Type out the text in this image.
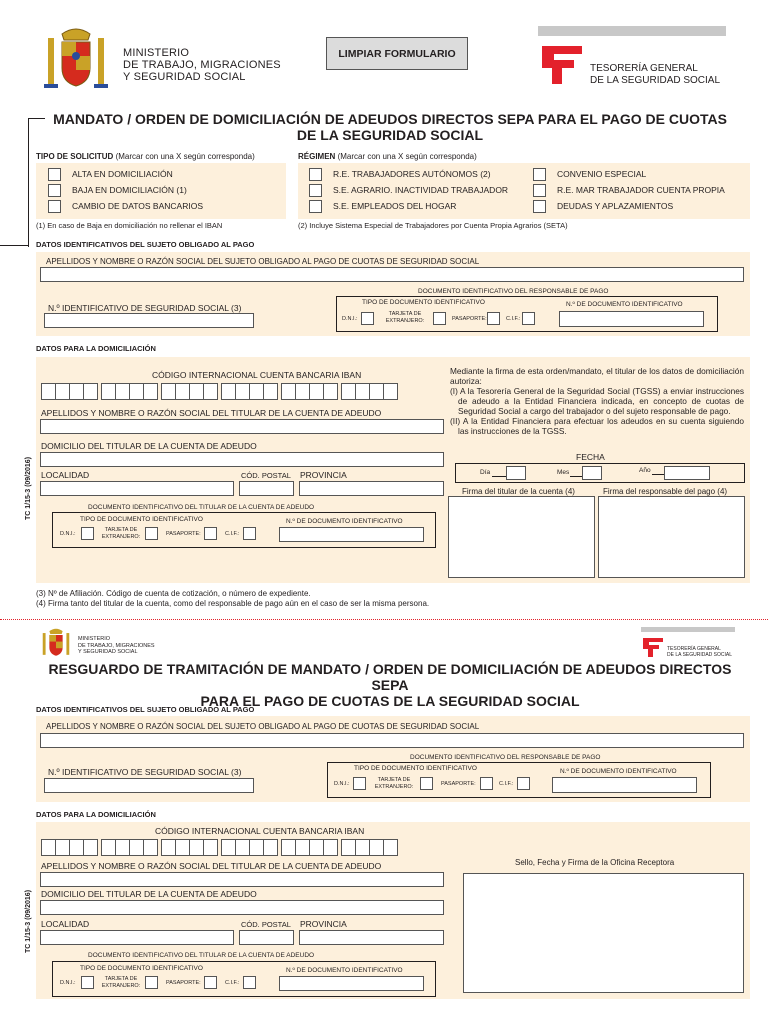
MINISTERIO
DE TRABAJO, MIGRACIONES
Y SEGURIDAD SOCIAL
LIMPIAR FORMULARIO
TESORERÍA GENERAL
DE LA SEGURIDAD SOCIAL
MANDATO / ORDEN DE DOMICILIACIÓN DE ADEUDOS DIRECTOS SEPA PARA EL PAGO DE CUOTAS
DE LA SEGURIDAD SOCIAL
TIPO DE SOLICITUD (Marcar con una X según corresponda)	RÉGIMEN (Marcar con una X según corresponda)
ALTA EN DOMICILIACIÓN
BAJA EN DOMICILIACIÓN (1)
CAMBIO DE DATOS BANCARIOS
R.E. TRABAJADORES AUTÓNOMOS (2)
S.E. AGRARIO. INACTIVIDAD TRABAJADOR
S.E. EMPLEADOS DEL HOGAR
CONVENIO ESPECIAL
R.E. MAR TRABAJADOR CUENTA PROPIA
DEUDAS Y APLAZAMIENTOS
(1) En caso de Baja en domiciliación no rellenar el IBAN	(2) Incluye Sistema Especial de Trabajadores por Cuenta Propia Agrarios (SETA)
DATOS IDENTIFICATIVOS DEL SUJETO OBLIGADO AL PAGO
APELLIDOS Y NOMBRE O RAZÓN SOCIAL DEL SUJETO OBLIGADO AL PAGO DE CUOTAS DE SEGURIDAD SOCIAL
DOCUMENTO IDENTIFICATIVO DEL RESPONSABLE DE PAGO
N.º IDENTIFICATIVO DE SEGURIDAD SOCIAL (3)
TIPO DE DOCUMENTO IDENTIFICATIVO	N.º DE DOCUMENTO IDENTIFICATIVO
D.N.I.:
TARJETA DE EXTRANJERO:	PASAPORTE:	C.I.F.:
DATOS PARA LA DOMICILIACIÓN
TC 1/15-3 (09/2016)
CÓDIGO INTERNACIONAL CUENTA BANCARIA IBAN
APELLIDOS Y NOMBRE O RAZÓN SOCIAL DEL TITULAR DE LA CUENTA DE ADEUDO
DOMICILIO DEL TITULAR DE LA CUENTA DE ADEUDO
LOCALIDAD	CÓD. POSTAL PROVINCIA
DOCUMENTO IDENTIFICATIVO DEL TITULAR DE LA CUENTA DE ADEUDO
TIPO DE DOCUMENTO IDENTIFICATIVO	N.º DE DOCUMENTO IDENTIFICATIVO
D.N.I.:
TARJETA DE EXTRANJERO:	PASAPORTE:	C.I.F.:
Mediante la firma de esta orden/mandato, el titular de los datos de domiciliación autoriza:
(I) A la Tesorería General de la Seguridad Social (TGSS) a enviar instrucciones de adeudo a la Entidad Financiera indicada, en concepto de cuotas de Seguridad Social a cargo del trabajador o del sujeto responsable de pago.
(II) A la Entidad Financiera para efectuar los adeudos en su cuenta siguiendo las instrucciones de la TGSS.
FECHA
Día	Mes	Año
Firma del titular de la cuenta (4)	Firma del responsable del pago (4)
(3) Nº de Afiliación. Código de cuenta de cotización, o número de expediente.
(4) Firma tanto del titular de la cuenta, como del responsable de pago aún en el caso de ser la misma persona.
MINISTERIO
DE TRABAJO, MIGRACIONES
Y SEGURIDAD SOCIAL	TESORERÍA GENERAL
DE LA SEGURIDAD SOCIAL
RESGUARDO DE TRAMITACIÓN DE MANDATO / ORDEN DE DOMICILIACIÓN DE ADEUDOS DIRECTOS SEPA
PARA EL PAGO DE CUOTAS DE LA SEGURIDAD SOCIAL
DATOS IDENTIFICATIVOS DEL SUJETO OBLIGADO AL PAGO
APELLIDOS Y NOMBRE O RAZÓN SOCIAL DEL SUJETO OBLIGADO AL PAGO DE CUOTAS DE SEGURIDAD SOCIAL
DOCUMENTO IDENTIFICATIVO DEL RESPONSABLE DE PAGO
N.º IDENTIFICATIVO DE SEGURIDAD SOCIAL (3)	TIPO DE DOCUMENTO IDENTIFICATIVO	N.º DE DOCUMENTO IDENTIFICATIVO
D.N.I.:
TARJETA DE EXTRANJERO:	PASAPORTE:	C.I.F.:
DATOS PARA LA DOMICILIACIÓN
TC 1/15-3 (09/2016)
CÓDIGO INTERNACIONAL CUENTA BANCARIA IBAN
APELLIDOS Y NOMBRE O RAZÓN SOCIAL DEL TITULAR DE LA CUENTA DE ADEUDO
DOMICILIO DEL TITULAR DE LA CUENTA DE ADEUDO
LOCALIDAD	CÓD. POSTAL PROVINCIA
DOCUMENTO IDENTIFICATIVO DEL TITULAR DE LA CUENTA DE ADEUDO
TIPO DE DOCUMENTO IDENTIFICATIVO	N.º DE DOCUMENTO IDENTIFICATIVO
D.N.I.:
TARJETA DE EXTRANJERO:	PASAPORTE:	C.I.F.:
Sello, Fecha y Firma de la Oficina Receptora
